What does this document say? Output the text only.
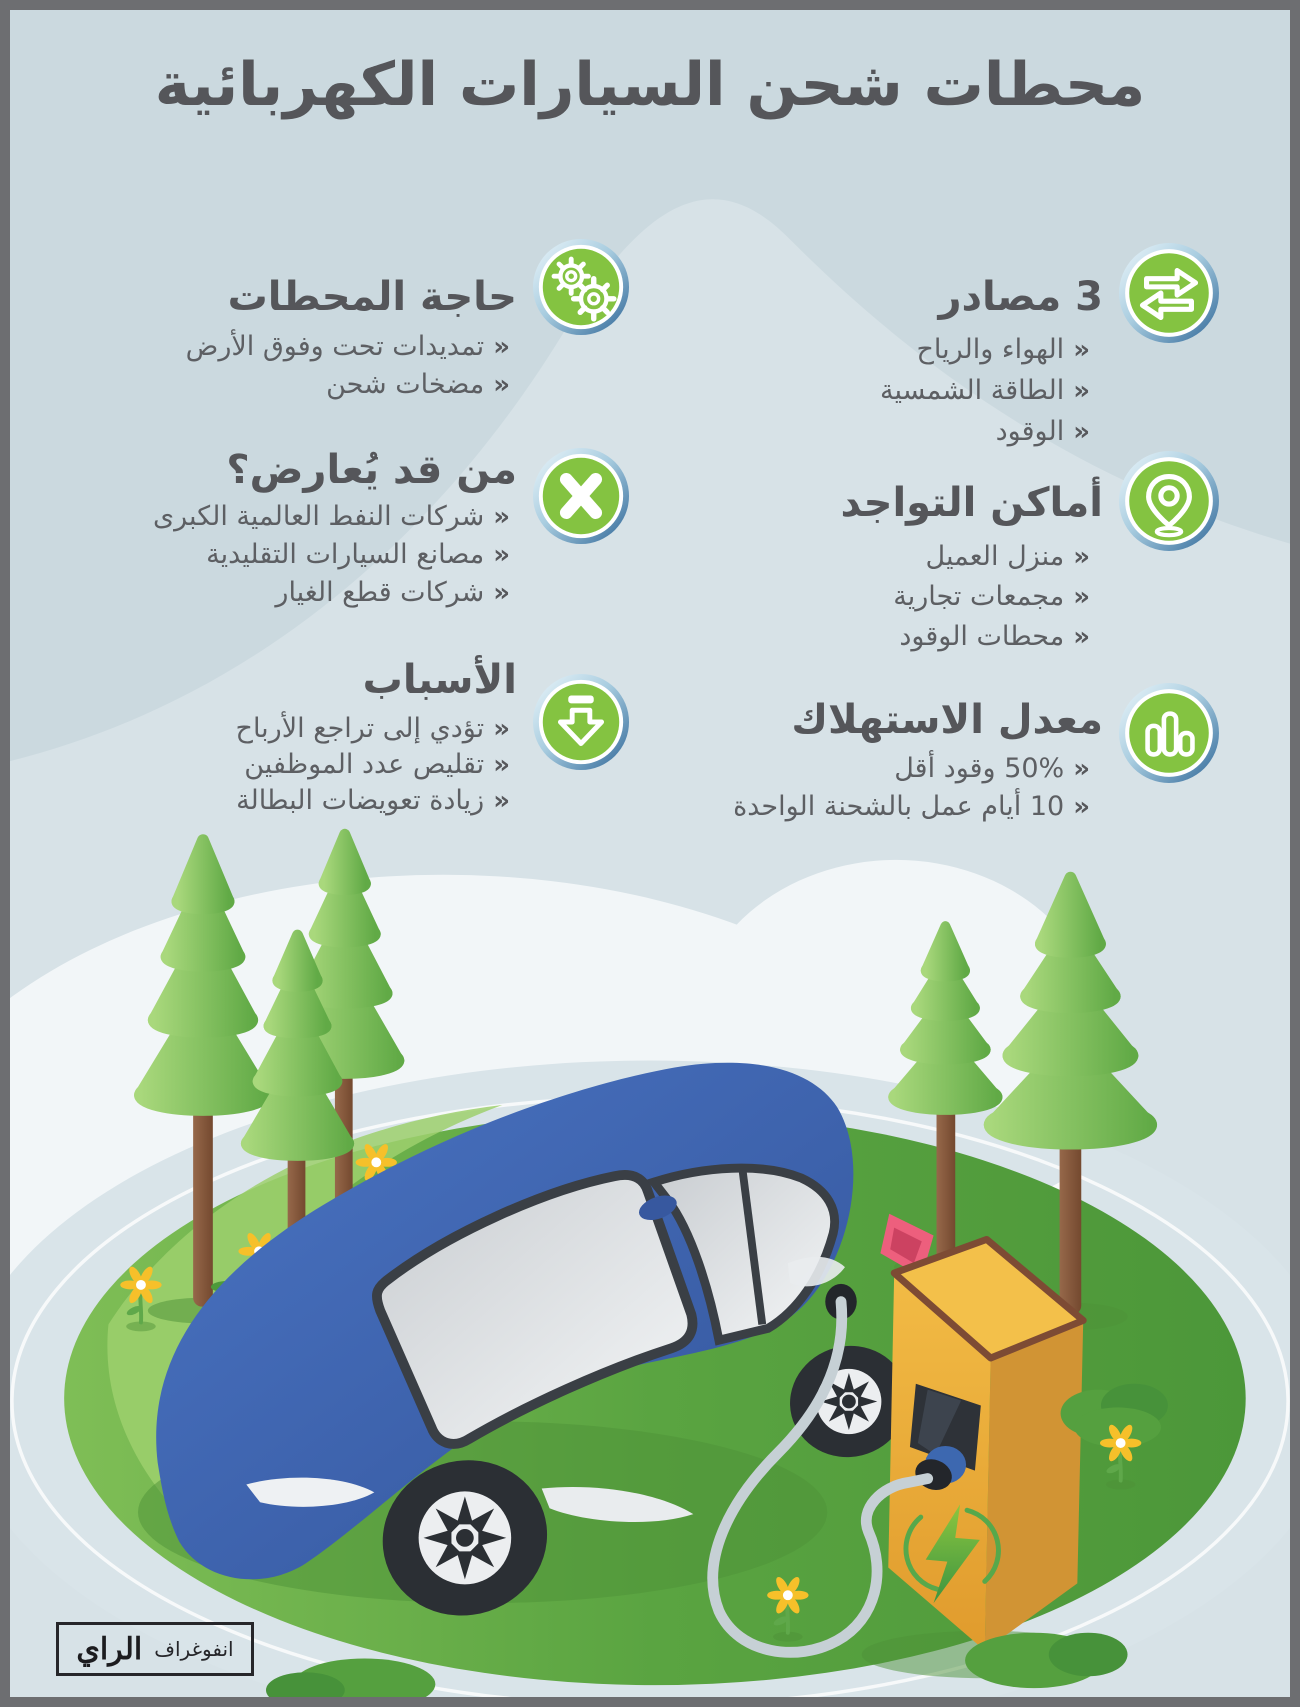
محطات شحن السيارات الكهربائية
حاجة المحطات
«
تمديدات تحت وفوق الأرض
«
مضخات شحن
من قد يُعارض؟
«
شركات النفط العالمية الكبرى
«
مصانع السيارات التقليدية
«
شركات قطع الغيار
الأسباب
«
تؤدي إلى تراجع الأرباح
«
تقليص عدد الموظفين
«
زيادة تعويضات البطالة
3 مصادر
«
الهواء والرياح
«
الطاقة الشمسية
«
الوقود
أماكن التواجد
«
منزل العميل
«
مجمعات تجارية
«
محطات الوقود
معدل الاستهلاك
«
50% وقود أقل
«
10 أيام عمل بالشحنة الواحدة
انفوغراف
الراي
